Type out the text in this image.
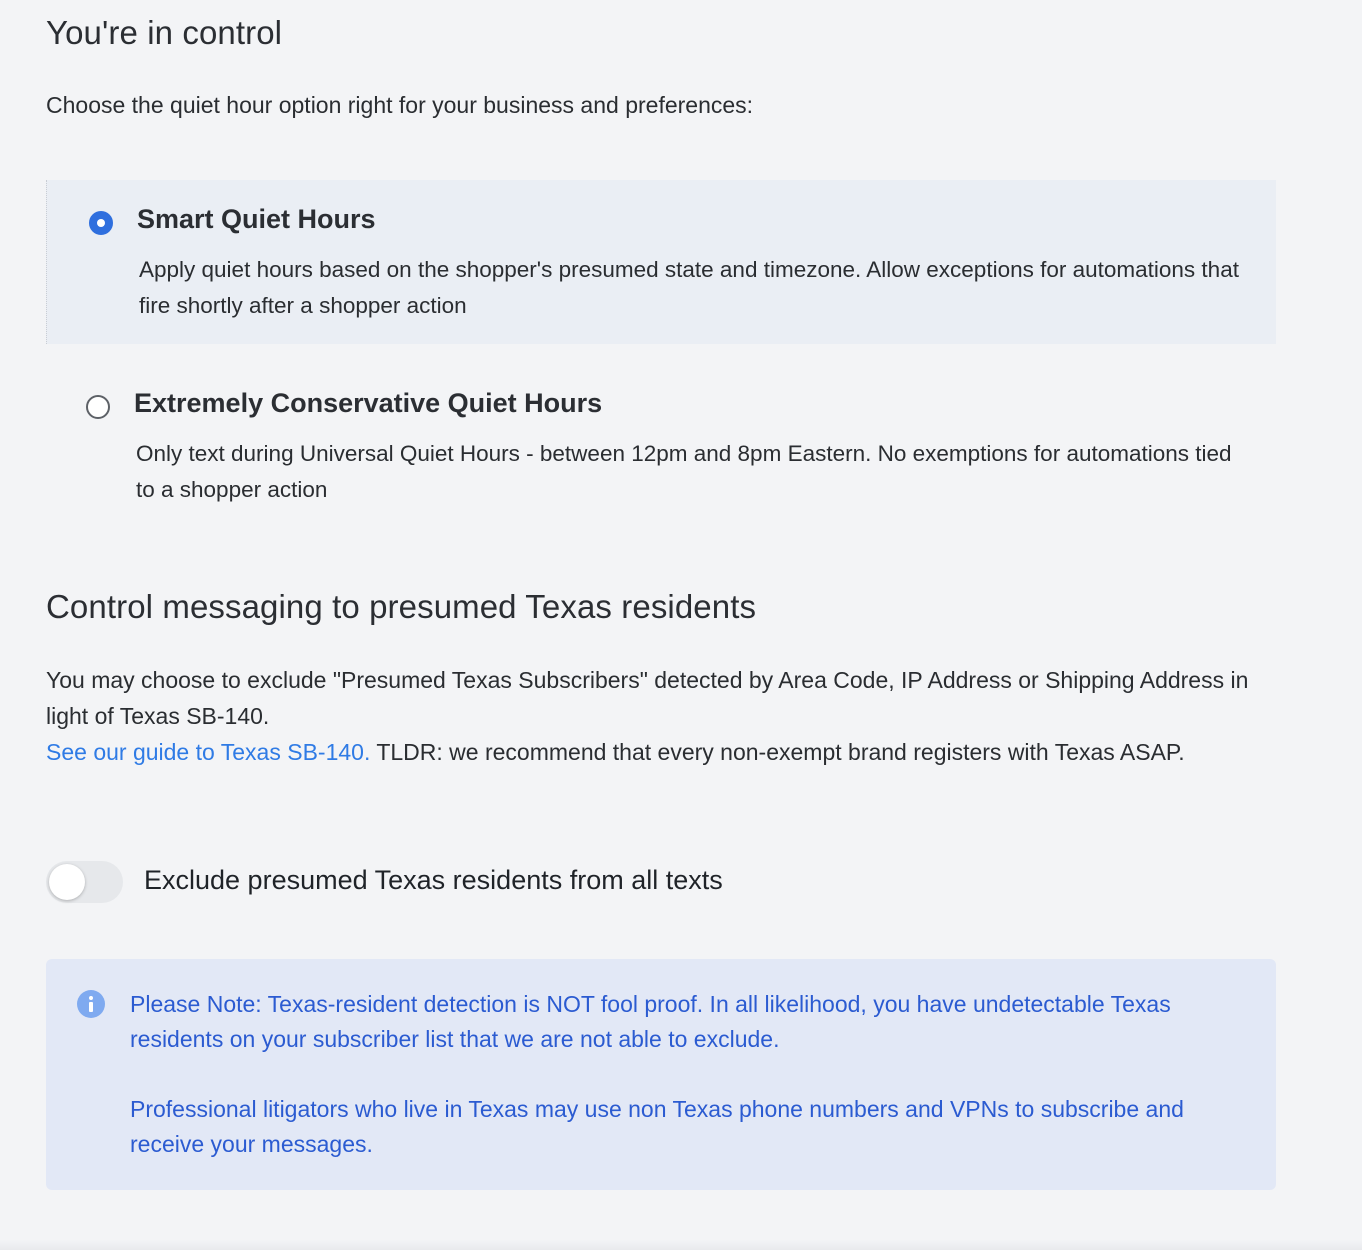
You're in control
Choose the quiet hour option right for your business and preferences:
Smart Quiet Hours
Apply quiet hours based on the shopper's presumed state and timezone. Allow exceptions for automations that fire shortly after a shopper action
Extremely Conservative Quiet Hours
Only text during Universal Quiet Hours - between 12pm and 8pm Eastern. No exemptions for automations tied to a shopper action
Control messaging to presumed Texas residents

You may choose to exclude "Presumed Texas Subscribers" detected by Area Code, IP Address or Shipping Address in light of Texas SB-140.

See our guide to Texas SB-140. TLDR: we recommend that every non-exempt brand registers with Texas ASAP.

Exclude presumed Texas residents from all texts

Please Note: Texas-resident detection is NOT fool proof. In all likelihood, you have undetectable Texas residents on your subscriber list that we are not able to exclude.

Professional litigators who live in Texas may use non Texas phone numbers and VPNs to subscribe and receive your messages.
